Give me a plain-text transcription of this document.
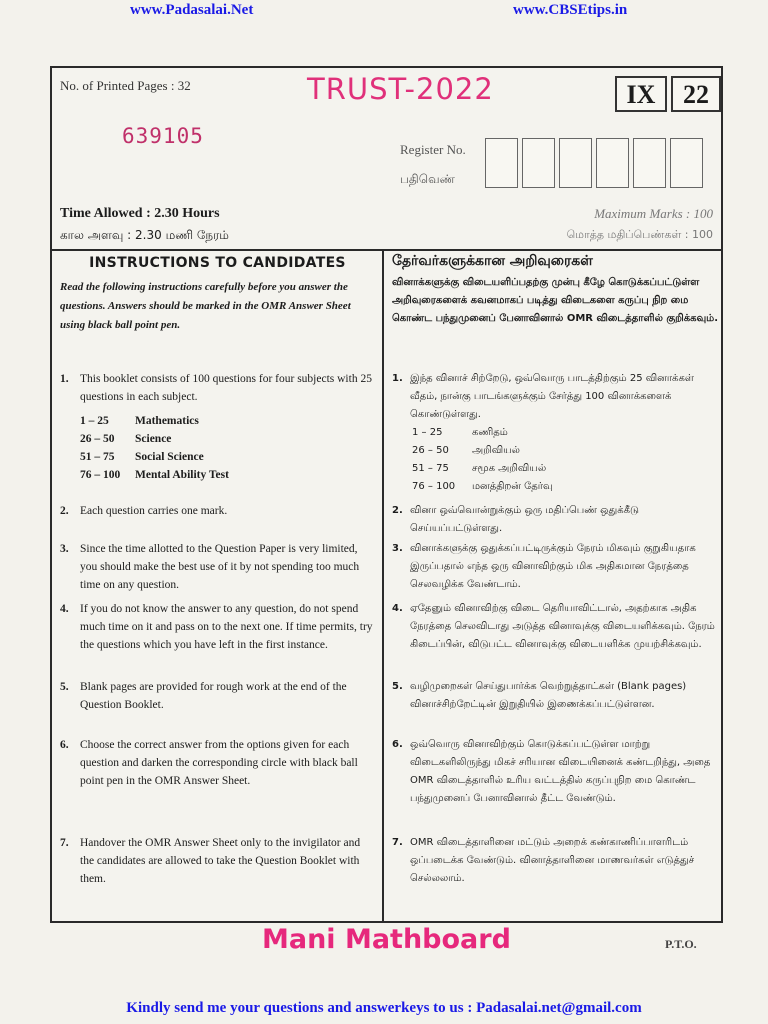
www.Padasalai.Net	www.CBSEtips.in
No. of Printed Pages : 32	TRUST-2022
639105
IX	22
Register No.
பதிவெண்
Time Allowed : 2.30 Hours
கால அளவு : 2.30 மணி நேரம்
Maximum Marks : 100
மொத்த மதிப்பெண்கள் : 100
INSTRUCTIONS TO CANDIDATES
Read the following instructions carefully before you answer the questions. Answers should be marked in the OMR Answer Sheet using black ball point pen.
1. This booklet consists of 100 questions for four subjects with 25 questions in each subject.
1 – 25	Mathematics
26 – 50	Science
51 – 75	Social Science
76 – 100	Mental Ability Test
2. Each question carries one mark.
3. Since the time allotted to the Question Paper is very limited, you should make the best use of it by not spending too much time on any question.
4. If you do not know the answer to any question, do not spend much time on it and pass on to the next one. If time permits, try the questions which you have left in the first instance.
5. Blank pages are provided for rough work at the end of the Question Booklet.
6. Choose the correct answer from the options given for each question and darken the corresponding circle with black ball point pen in the OMR Answer Sheet.
7. Handover the OMR Answer Sheet only to the invigilator and the candidates are allowed to take the Question Booklet with them.
தேர்வர்களுக்கான அறிவுரைகள்
வினாக்களுக்கு விடையளிப்பதற்கு முன்பு கீழே கொடுக்கப்பட்டுள்ள அறிவுரைகளைக் கவனமாகப் படித்து விடைகளை கருப்பு நிற மை கொண்ட பந்துமுனைப் பேனாவினால் OMR விடைத்தாளில் குறிக்கவும்.
1. இந்த வினாச் சிற்றேடு, ஒவ்வொரு பாடத்திற்கும் 25 வினாக்கள் வீதம், நான்கு பாடங்களுக்கும் சேர்த்து 100 வினாக்களைக் கொண்டுள்ளது.
1 – 25	கணிதம்
26 – 50	அறிவியல்
51 – 75	சமூக அறிவியல்
76 – 100	மனத்திறன் தேர்வு
2. வினா ஒவ்வொன்றுக்கும் ஒரு மதிப்பெண் ஒதுக்கீடு செய்யப்பட்டுள்ளது.
3. வினாக்களுக்கு ஒதுக்கப்பட்டிருக்கும் நேரம் மிகவும் குறுகியதாக இருப்பதால் எந்த ஒரு வினாவிற்கும் மிக அதிகமான நேரத்தை செலவழிக்க வேண்டாம்.
4. ஏதேனும் வினாவிற்கு விடை தெரியாவிட்டால், அதற்காக அதிக நேரத்தை செலவிடாது அடுத்த வினாவுக்கு விடையளிக்கவும். நேரம் கிடைப்பின், விடுபட்ட வினாவுக்கு விடையளிக்க முயற்சிக்கவும்.
5. வழிமுறைகள் செய்துபார்க்க வெற்றுத்தாட்கள் (Blank pages) வினாச்சிற்றேட்டின் இறுதியில் இணைக்கப்பட்டுள்ளன.
6. ஒவ்வொரு வினாவிற்கும் கொடுக்கப்பட்டுள்ள மாற்று விடைகளிலிருந்து மிகச் சரியான விடையினைக் கண்டறிந்து, அதை OMR விடைத்தாளில் உரிய வட்டத்தில் கருப்புநிற மை கொண்ட பந்துமுனைப் பேனாவினால் தீட்ட வேண்டும்.
7. OMR விடைத்தாளினை மட்டும் அறைக் கண்காணிப்பாளரிடம் ஒப்படைக்க வேண்டும். வினாத்தாளினை மாணவர்கள் எடுத்துச் செல்லலாம்.
Mani Mathboard	P.T.O.
Kindly send me your questions and answerkeys to us : Padasalai.net@gmail.com
